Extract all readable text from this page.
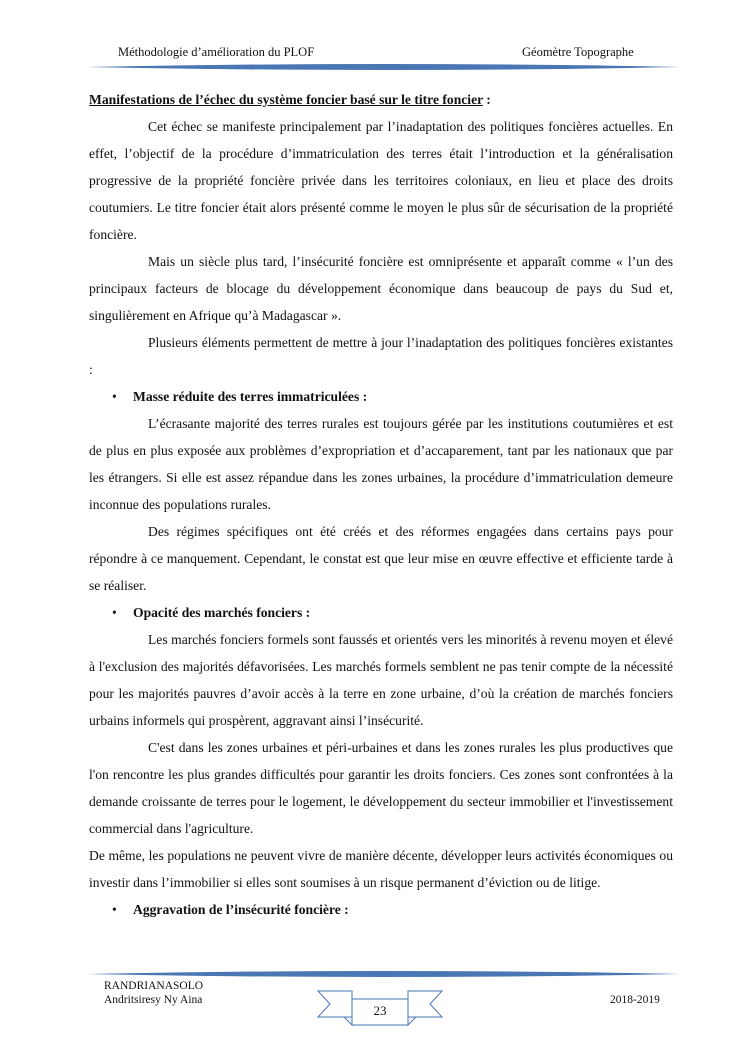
Méthodologie d’amélioration du PLOF	Géomètre Topographe

Manifestations de l’échec du système foncier basé sur le titre foncier :

Cet échec se manifeste principalement par l’inadaptation des politiques foncières actuelles. En effet, l’objectif de la procédure d’immatriculation des terres était l’introduction et la généralisation progressive de la propriété foncière privée dans les territoires coloniaux, en lieu et place des droits coutumiers. Le titre foncier était alors présenté comme le moyen le plus sûr de sécurisation de la propriété foncière.

Mais un siècle plus tard, l’insécurité foncière est omniprésente et apparaît comme « l’un des principaux facteurs de blocage du développement économique dans beaucoup de pays du Sud et, singulièrement en Afrique qu’à Madagascar ».

Plusieurs éléments permettent de mettre à jour l’inadaptation des politiques foncières existantes :

• Masse réduite des terres immatriculées :

L’écrasante majorité des terres rurales est toujours gérée par les institutions coutumières et est de plus en plus exposée aux problèmes d’expropriation et d’accaparement, tant par les nationaux que par les étrangers. Si elle est assez répandue dans les zones urbaines, la procédure d’immatriculation demeure inconnue des populations rurales.

Des régimes spécifiques ont été créés et des réformes engagées dans certains pays pour répondre à ce manquement. Cependant, le constat est que leur mise en œuvre effective et efficiente tarde à se réaliser.

• Opacité des marchés fonciers :

Les marchés fonciers formels sont faussés et orientés vers les minorités à revenu moyen et élevé à l'exclusion des majorités défavorisées. Les marchés formels semblent ne pas tenir compte de la nécessité pour les majorités pauvres d’avoir accès à la terre en zone urbaine, d’où la création de marchés fonciers urbains informels qui prospèrent, aggravant ainsi l’insécurité.

C'est dans les zones urbaines et péri-urbaines et dans les zones rurales les plus productives que l'on rencontre les plus grandes difficultés pour garantir les droits fonciers. Ces zones sont confrontées à la demande croissante de terres pour le logement, le développement du secteur immobilier et l'investissement commercial dans l'agriculture.

De même, les populations ne peuvent vivre de manière décente, développer leurs activités économiques ou investir dans l’immobilier si elles sont soumises à un risque permanent d’éviction ou de litige.

• Aggravation de l’insécurité foncière :

RANDRIANASOLO
Andritsiresy Ny Aina
23
2018-2019
